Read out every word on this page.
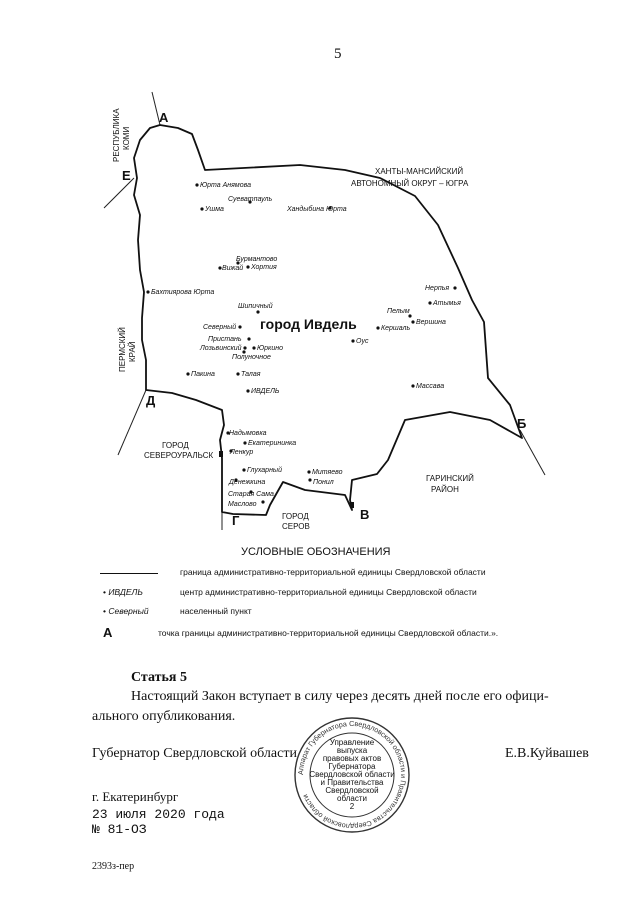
5
РЕСПУБЛИКА КОМИ
ХАНТЫ-МАНСИЙСКИЙ
АВТОНОМНЫЙ ОКРУГ – ЮГРА
ПЕРМСКИЙ КРАЙ
ГОРОД
СЕВЕРОУРАЛЬСК
ГОРОД
СЕРОВ
ГАРИНСКИЙ
РАЙОН
А
Б
В
Г
Д
Е
город Ивдель
Юрта Анямова
Суеватпауль
Ушма	Хандыбина Юрта
Бурмантово
Вижай Хортия
Бахтиярова Юрта
Шипичный
Северный
Пристань
Лозьвинский Юркино
Полуночное
Пакина	Талая
ИВДЕЛЬ
Нерпья
Атымья
Пелым
Вершина
Кершаль
Оус
Массава
Надымовка
Екатерининка
Ленкур
Глухарный	Митяево
Денежкина	Понил
Старая Сама
Маслово
УСЛОВНЫЕ ОБОЗНАЧЕНИЯ
граница административно-территориальной единицы Свердловской области
• ИВДЕЛЬ	центр административно-территориальной единицы Свердловской области
• Северный	населенный пункт
А	точка границы административно-территориальной единицы Свердловской области.».
Статья 5
Настоящий Закон вступает в силу через десять дней после его офици-
ального опубликования.
Губернатор Свердловской области	Е.В.Куйвашев
Аппарат Губернатора Свердловской области и Правительства Свердловской области
Управление
выпуска
правовых актов
Губернатора
Свердловской области
и Правительства
Свердловской
области
2
г. Екатеринбург
23 июля 2020 года
№ 81-ОЗ
2393з-пер
